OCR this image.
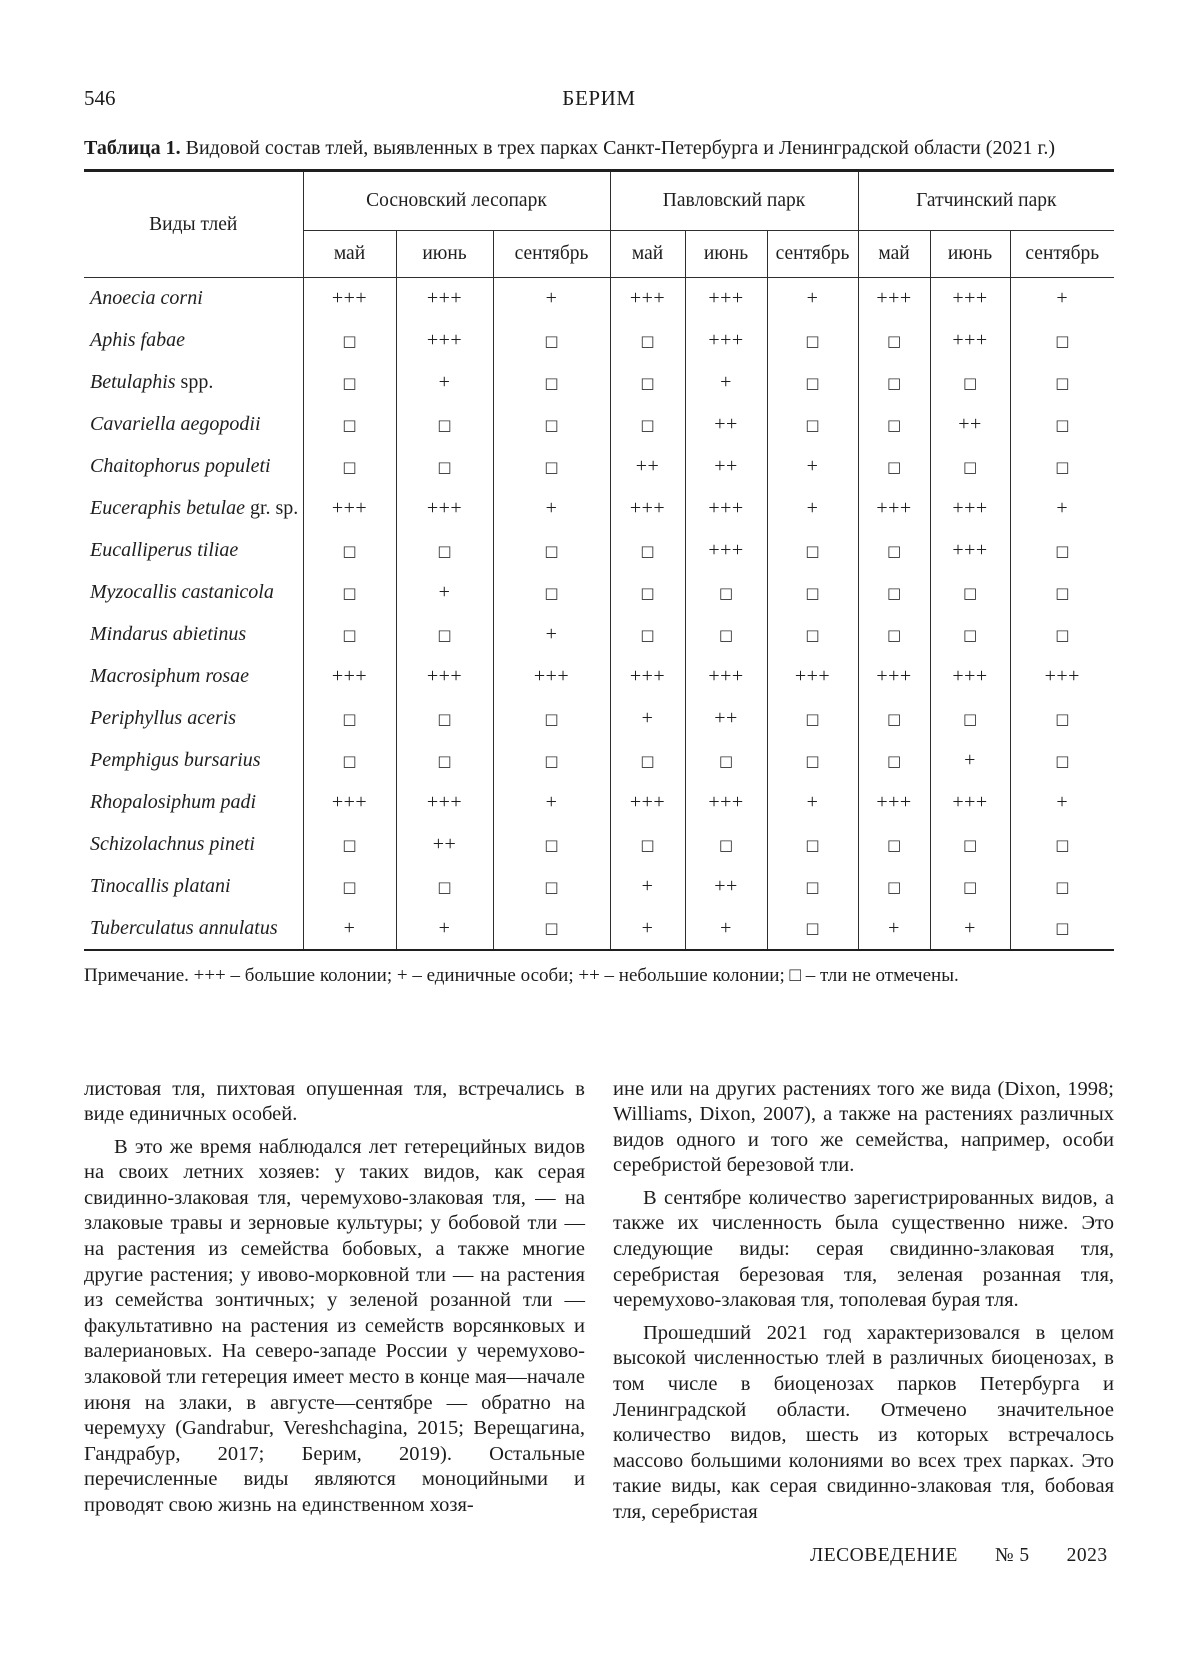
546	БЕРИМ

Таблица 1. Видовой состав тлей, выявленных в трех парках Санкт-Петербурга и Ленинградской области (2021 г.)

Виды тлей	Сосновский лесопарк			Павловский парк			Гатчинский парк		
	май	июнь	сентябрь	май	июнь	сентябрь	май	июнь	сентябрь
Anoecia corni	+++	+++	+	+++	+++	+	+++	+++	+
Aphis fabae	□	+++	□	□	+++	□	□	+++	□
Betulaphis spp.	□	+	□	□	+	□	□	□	□
Cavariella aegopodii	□	□	□	□	++	□	□	++	□
Chaitophorus populeti	□	□	□	++	++	+	□	□	□
Euceraphis betulae gr. sp.	+++	+++	+	+++	+++	+	+++	+++	+
Eucalliperus tiliae	□	□	□	□	+++	□	□	+++	□
Myzocallis castanicola	□	+	□	□	□	□	□	□	□
Mindarus abietinus	□	□	+	□	□	□	□	□	□
Macrosiphum rosae	+++	+++	+++	+++	+++	+++	+++	+++	+++
Periphyllus aceris	□	□	□	+	++	□	□	□	□
Pemphigus bursarius	□	□	□	□	□	□	□	+	□
Rhopalosiphum padi	+++	+++	+	+++	+++	+	+++	+++	+
Schizolachnus pineti	□	++	□	□	□	□	□	□	□
Tinocallis platani	□	□	□	+	++	□	□	□	□
Tuberculatus annulatus	+	+	□	+	+	□	+	+	□

Примечание. +++ – большие колонии; + – единичные особи; ++ – небольшие колонии; □ – тли не отмечены.

листовая тля, пихтовая опушенная тля, встречались в виде единичных особей.

В это же время наблюдался лет гетерецийных видов на своих летних хозяев: у таких видов, как серая свидинно-злаковая тля, черемухово-злаковая тля, — на злаковые травы и зерновые культуры; у бобовой тли — на растения из семейства бобовых, а также многие другие растения; у ивово-морковной тли — на растения из семейства зонтичных; у зеленой розанной тли — факультативно на растения из семейств ворсянковых и валериановых. На северо-западе России у черемухово-злаковой тли гетереция имеет место в конце мая—начале июня на злаки, в августе—сентябре — обратно на черемуху (Gandrabur, Vereshchagina, 2015; Верещагина, Гандрабур, 2017; Берим, 2019). Остальные перечисленные виды являются моноцийными и проводят свою жизнь на единственном хозя-

ине или на других растениях того же вида (Dixon, 1998; Williams, Dixon, 2007), а также на растениях различных видов одного и того же семейства, например, особи серебристой березовой тли.

В сентябре количество зарегистрированных видов, а также их численность была существенно ниже. Это следующие виды: серая свидинно-злаковая тля, серебристая березовая тля, зеленая розанная тля, черемухово-злаковая тля, тополевая бурая тля.

Прошедший 2021 год характеризовался в целом высокой численностью тлей в различных биоценозах, в том числе в биоценозах парков Петербурга и Ленинградской области. Отмечено значительное количество видов, шесть из которых встречалось массово большими колониями во всех трех парках. Это такие виды, как серая свидинно-злаковая тля, бобовая тля, серебристая

ЛЕСОВЕДЕНИЕ № 5 2023
